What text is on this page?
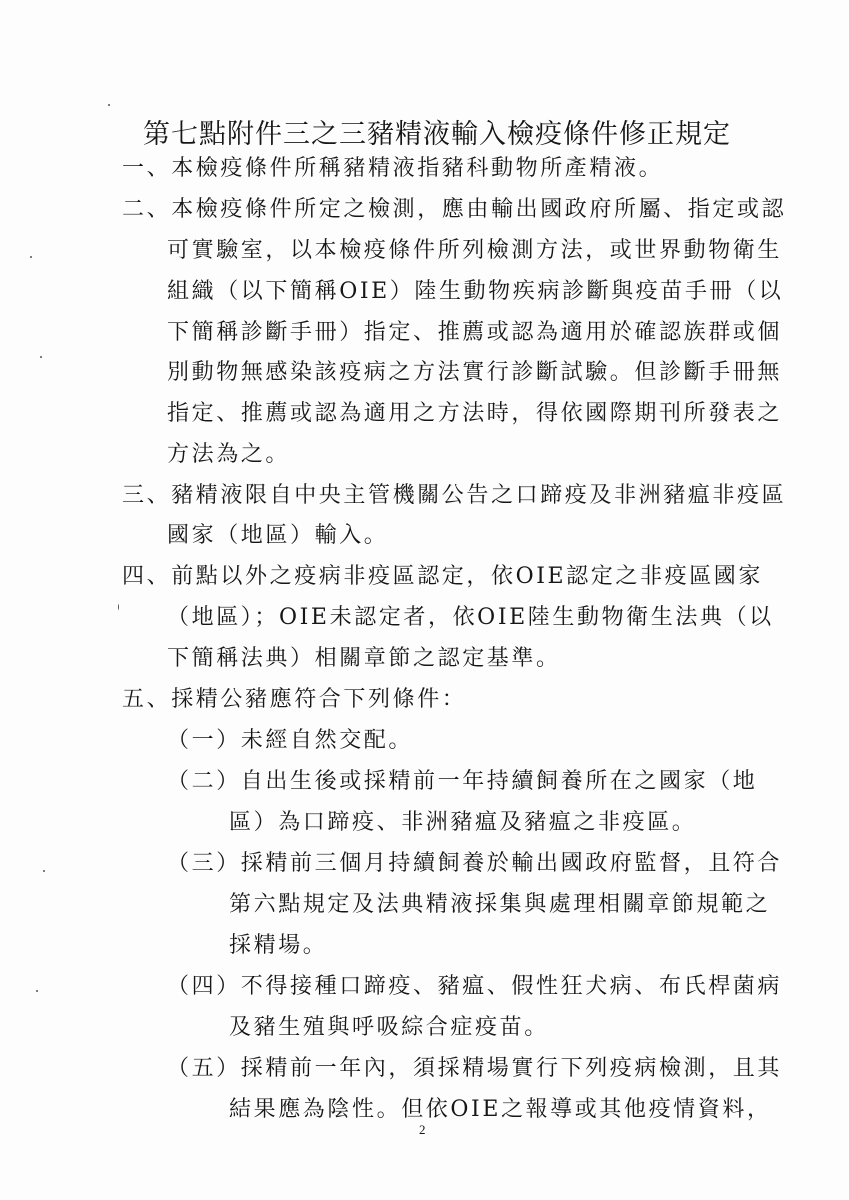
第七點附件三之三豬精液輸入檢疫條件修正規定
一、本檢疫條件所稱豬精液指豬科動物所產精液。
二、本檢疫條件所定之檢測，應由輸出國政府所屬、指定或認
可實驗室，以本檢疫條件所列檢測方法，或世界動物衛生
組織（以下簡稱OIE）陸生動物疾病診斷與疫苗手冊（以
下簡稱診斷手冊）指定、推薦或認為適用於確認族群或個
別動物無感染該疫病之方法實行診斷試驗。但診斷手冊無
指定、推薦或認為適用之方法時，得依國際期刊所發表之
方法為之。
三、豬精液限自中央主管機關公告之口蹄疫及非洲豬瘟非疫區
國家（地區）輸入。
四、前點以外之疫病非疫區認定，依OIE認定之非疫區國家
（地區）；OIE未認定者，依OIE陸生動物衛生法典（以
下簡稱法典）相關章節之認定基準。
五、採精公豬應符合下列條件：
（一）未經自然交配。
（二）自出生後或採精前一年持續飼養所在之國家（地
區）為口蹄疫、非洲豬瘟及豬瘟之非疫區。
（三）採精前三個月持續飼養於輸出國政府監督，且符合
第六點規定及法典精液採集與處理相關章節規範之
採精場。
（四）不得接種口蹄疫、豬瘟、假性狂犬病、布氏桿菌病
及豬生殖與呼吸綜合症疫苗。
（五）採精前一年內，須採精場實行下列疫病檢測，且其
結果應為陰性。但依OIE之報導或其他疫情資料，
2
